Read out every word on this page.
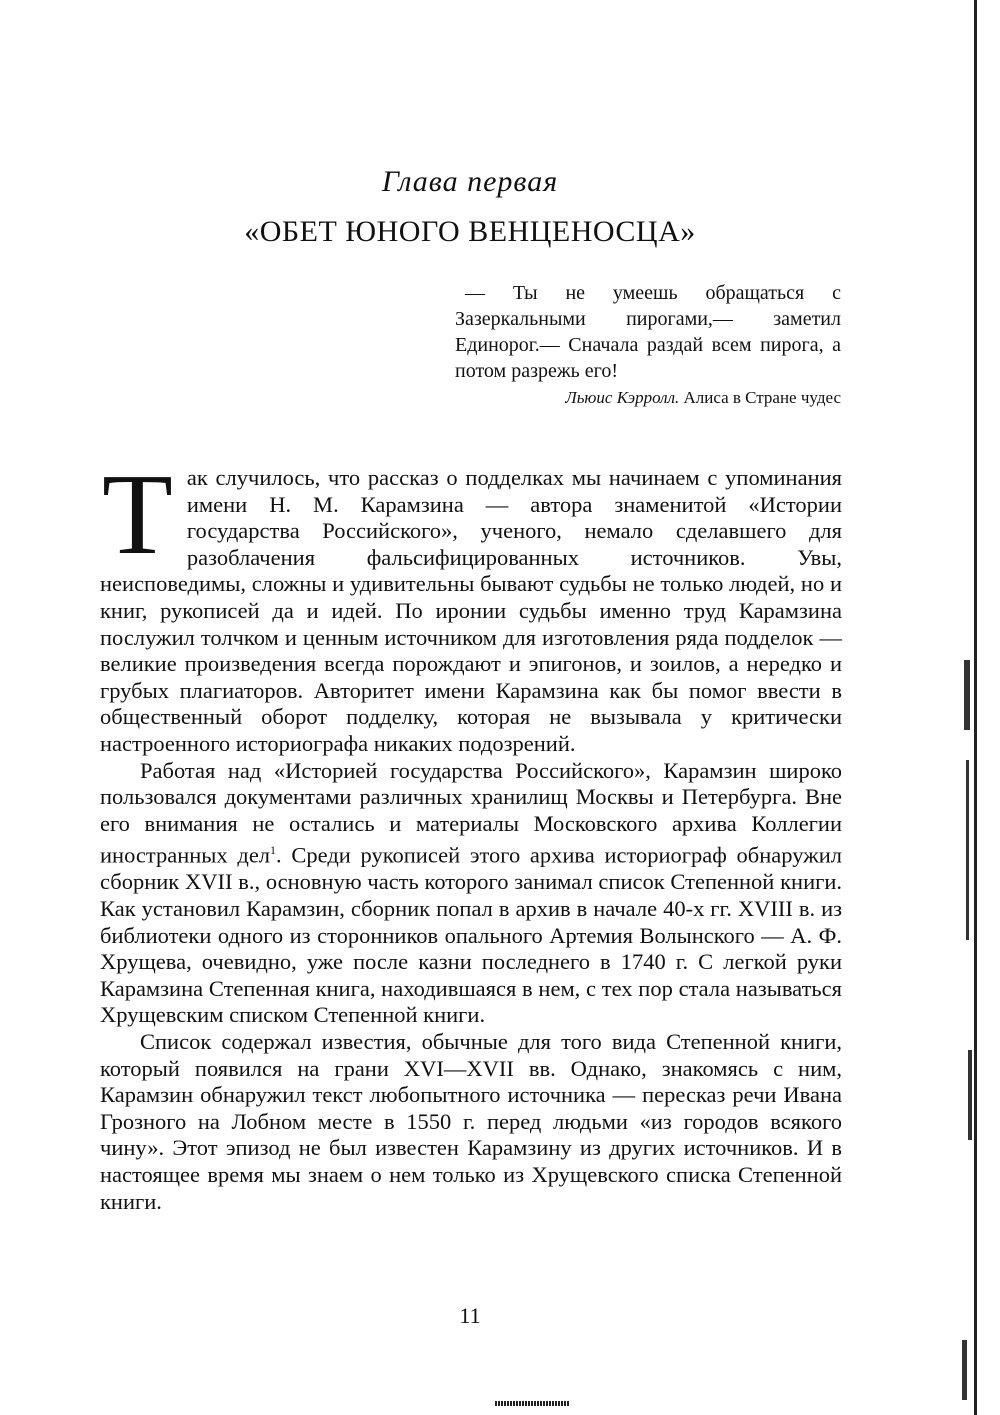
Глава первая
«ОБЕТ ЮНОГО ВЕНЦЕНОСЦА»

— Ты не умеешь обращаться с Зазеркальными пирогами,— заметил Единорог.— Сначала раздай всем пирога, а потом разрежь его!

Льюис Кэрролл. Алиса в Стране чудес

Так случилось, что рассказ о подделках мы начинаем с упоминания имени Н. М. Карамзина — автора знаменитой «Истории государства Российского», ученого, немало сделавшего для разоблачения фальсифицированных источников. Увы, неисповедимы, сложны и удивительны бывают судьбы не только людей, но и книг, рукописей да и идей. По иронии судьбы именно труд Карамзина послужил толчком и ценным источником для изготовления ряда подделок — великие произведения всегда порождают и эпигонов, и зоилов, а нередко и грубых плагиаторов. Авторитет имени Карамзина как бы помог ввести в общественный оборот подделку, которая не вызывала у критически настроенного историографа никаких подозрений.

Работая над «Историей государства Российского», Карамзин широко пользовался документами различных хранилищ Москвы и Петербурга. Вне его внимания не остались и материалы Московского архива Коллегии иностранных дел$^1$. Среди рукописей этого архива историограф обнаружил сборник XVII в., основную часть которого занимал список Степенной книги. Как установил Карамзин, сборник попал в архив в начале 40-х гг. XVIII в. из библиотеки одного из сторонников опального Артемия Волынского — А. Ф. Хрущева, очевидно, уже после казни последнего в 1740 г. С легкой руки Карамзина Степенная книга, находившаяся в нем, с тех пор стала называться Хрущевским списком Степенной книги.

Список содержал известия, обычные для того вида Степенной книги, который появился на грани XVI—XVII вв. Однако, знакомясь с ним, Карамзин обнаружил текст любопытного источника — пересказ речи Ивана Грозного на Лобном месте в 1550 г. перед людьми «из городов всякого чину». Этот эпизод не был известен Карамзину из других источников. И в настоящее время мы знаем о нем только из Хрущевского списка Степенной книги.

11
